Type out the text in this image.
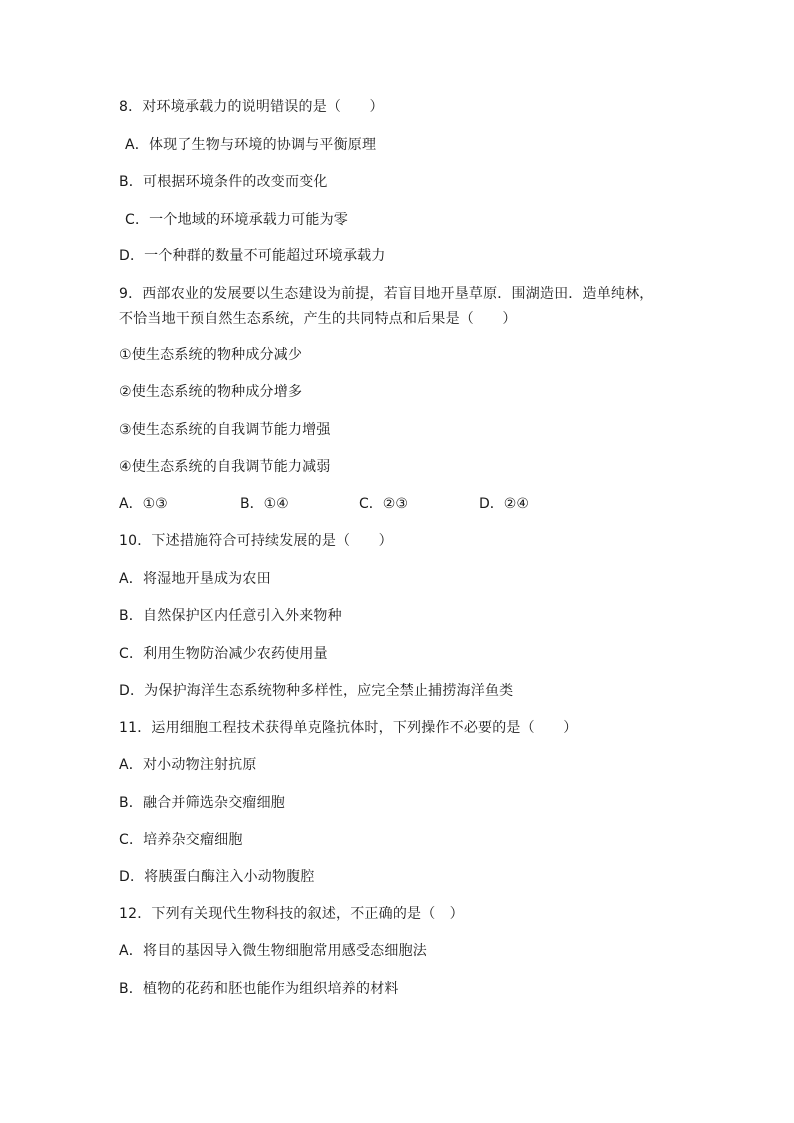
8．对环境承载力的说明错误的是（　　）
A．体现了生物与环境的协调与平衡原理
B．可根据环境条件的改变而变化
C．一个地域的环境承载力可能为零
D．一个种群的数量不可能超过环境承载力
9．西部农业的发展要以生态建设为前提，若盲目地开垦草原．围湖造田．造单纯林，
不恰当地干预自然生态系统，产生的共同特点和后果是（　　）
①使生态系统的物种成分减少
②使生态系统的物种成分增多
③使生态系统的自我调节能力增强
④使生态系统的自我调节能力减弱
A．①③	B．①④	C．②③	D．②④
10．下述措施符合可持续发展的是（　　）
A．将湿地开垦成为农田
B．自然保护区内任意引入外来物种
C．利用生物防治减少农药使用量
D．为保护海洋生态系统物种多样性，应完全禁止捕捞海洋鱼类
11．运用细胞工程技术获得单克隆抗体时，下列操作不必要的是（　　）
A．对小动物注射抗原
B．融合并筛选杂交瘤细胞
C．培养杂交瘤细胞
D．将胰蛋白酶注入小动物腹腔
12．下列有关现代生物科技的叙述，不正确的是（　）
A．将目的基因导入微生物细胞常用感受态细胞法
B．植物的花药和胚也能作为组织培养的材料
